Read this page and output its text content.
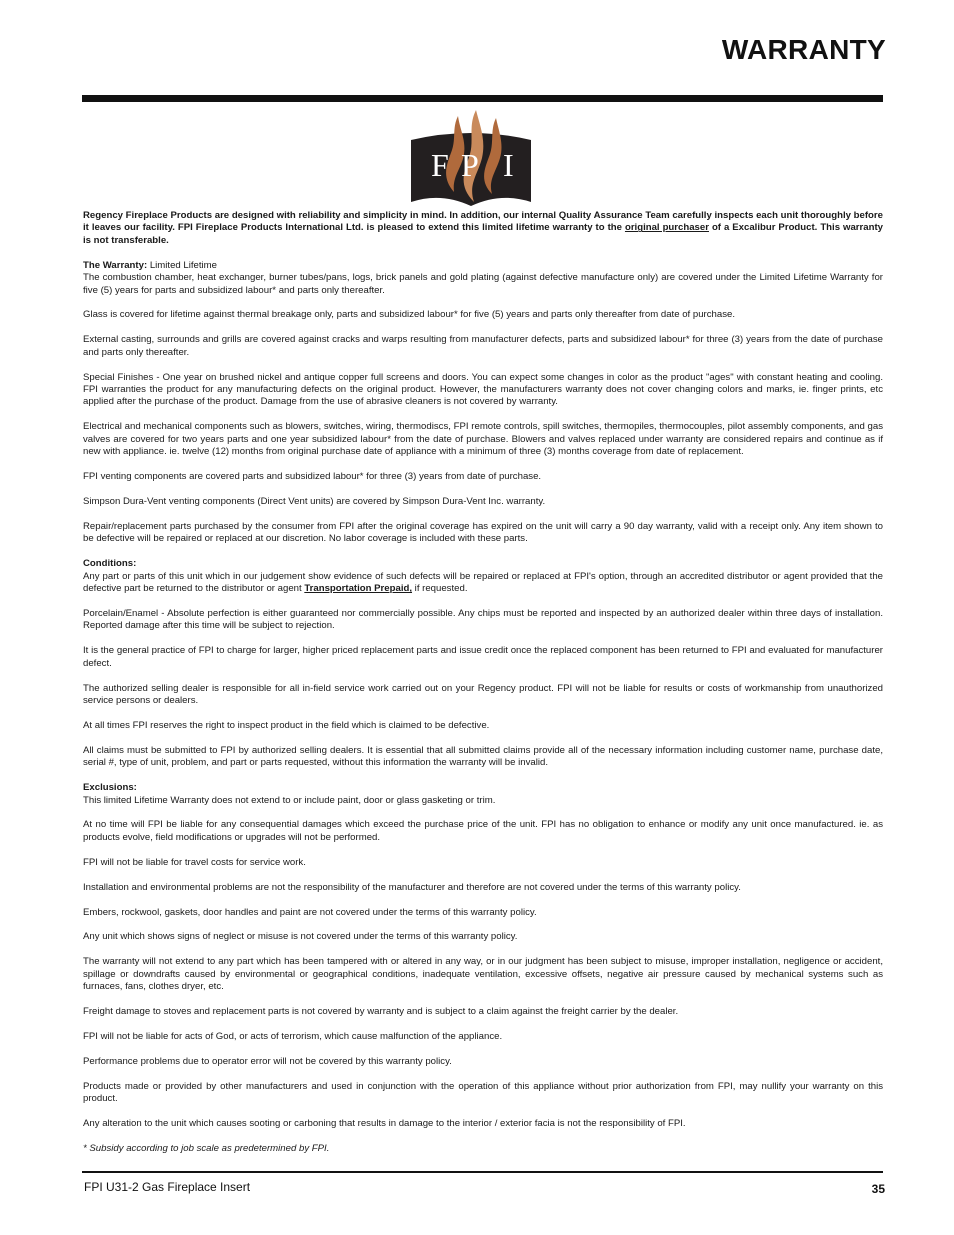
WARRANTY
F P I

Regency Fireplace Products are designed with reliability and simplicity in mind. In addition, our internal Quality Assurance Team carefully inspects each unit thoroughly before it leaves our facility. FPI Fireplace Products International Ltd. is pleased to extend this limited lifetime warranty to the original purchaser of a Excalibur Product. This warranty is not transferable.

The Warranty: Limited Lifetime
The combustion chamber, heat exchanger, burner tubes/pans, logs, brick panels and gold plating (against defective manufacture only) are covered under the Limited Lifetime Warranty for five (5) years for parts and subsidized labour* and parts only thereafter.

Glass is covered for lifetime against thermal breakage only, parts and subsidized labour* for five (5) years and parts only thereafter from date of purchase.

External casting, surrounds and grills are covered against cracks and warps resulting from manufacturer defects, parts and subsidized labour* for three (3) years from the date of purchase and parts only thereafter.

Special Finishes - One year on brushed nickel and antique copper full screens and doors. You can expect some changes in color as the product "ages" with constant heating and cooling. FPI warranties the product for any manufacturing defects on the original product. However, the manufacturers warranty does not cover changing colors and marks, ie. finger prints, etc applied after the purchase of the product. Damage from the use of abrasive cleaners is not covered by warranty.

Electrical and mechanical components such as blowers, switches, wiring, thermodiscs, FPI remote controls, spill switches, thermopiles, thermocouples, pilot assembly components, and gas valves are covered for two years parts and one year subsidized labour* from the date of purchase. Blowers and valves replaced under warranty are considered repairs and continue as if new with appliance. ie. twelve (12) months from original purchase date of appliance with a minimum of three (3) months coverage from date of replacement.

FPI venting components are covered parts and subsidized labour* for three (3) years from date of purchase.

Simpson Dura-Vent venting components (Direct Vent units) are covered by Simpson Dura-Vent Inc. warranty.

Repair/replacement parts purchased by the consumer from FPI after the original coverage has expired on the unit will carry a 90 day warranty, valid with a receipt only. Any item shown to be defective will be repaired or replaced at our discretion. No labor coverage is included with these parts.

Conditions:
Any part or parts of this unit which in our judgement show evidence of such defects will be repaired or replaced at FPI's option, through an accredited distributor or agent provided that the defective part be returned to the distributor or agent Transportation Prepaid, if requested.

Porcelain/Enamel - Absolute perfection is either guaranteed nor commercially possible. Any chips must be reported and inspected by an authorized dealer within three days of installation. Reported damage after this time will be subject to rejection.

It is the general practice of FPI to charge for larger, higher priced replacement parts and issue credit once the replaced component has been returned to FPI and evaluated for manufacturer defect.

The authorized selling dealer is responsible for all in-field service work carried out on your Regency product. FPI will not be liable for results or costs of workmanship from unauthorized service persons or dealers.

At all times FPI reserves the right to inspect product in the field which is claimed to be defective.

All claims must be submitted to FPI by authorized selling dealers. It is essential that all submitted claims provide all of the necessary information including customer name, purchase date, serial #, type of unit, problem, and part or parts requested, without this information the warranty will be invalid.

Exclusions:
This limited Lifetime Warranty does not extend to or include paint, door or glass gasketing or trim.

At no time will FPI be liable for any consequential damages which exceed the purchase price of the unit. FPI has no obligation to enhance or modify any unit once manufactured. ie. as products evolve, field modifications or upgrades will not be performed.

FPI will not be liable for travel costs for service work.

Installation and environmental problems are not the responsibility of the manufacturer and therefore are not covered under the terms of this warranty policy.

Embers, rockwool, gaskets, door handles and paint are not covered under the terms of this warranty policy.

Any unit which shows signs of neglect or misuse is not covered under the terms of this warranty policy.

The warranty will not extend to any part which has been tampered with or altered in any way, or in our judgment has been subject to misuse, improper installation, negligence or accident, spillage or downdrafts caused by environmental or geographical conditions, inadequate ventilation, excessive offsets, negative air pressure caused by mechanical systems such as furnaces, fans, clothes dryer, etc.

Freight damage to stoves and replacement parts is not covered by warranty and is subject to a claim against the freight carrier by the dealer.

FPI will not be liable for acts of God, or acts of terrorism, which cause malfunction of the appliance.

Performance problems due to operator error will not be covered by this warranty policy.

Products made or provided by other manufacturers and used in conjunction with the operation of this appliance without prior authorization from FPI, may nullify your warranty on this product.

Any alteration to the unit which causes sooting or carboning that results in damage to the interior / exterior facia is not the responsibility of FPI.

* Subsidy according to job scale as predetermined by FPI.

FPI U31-2 Gas Fireplace Insert	35
